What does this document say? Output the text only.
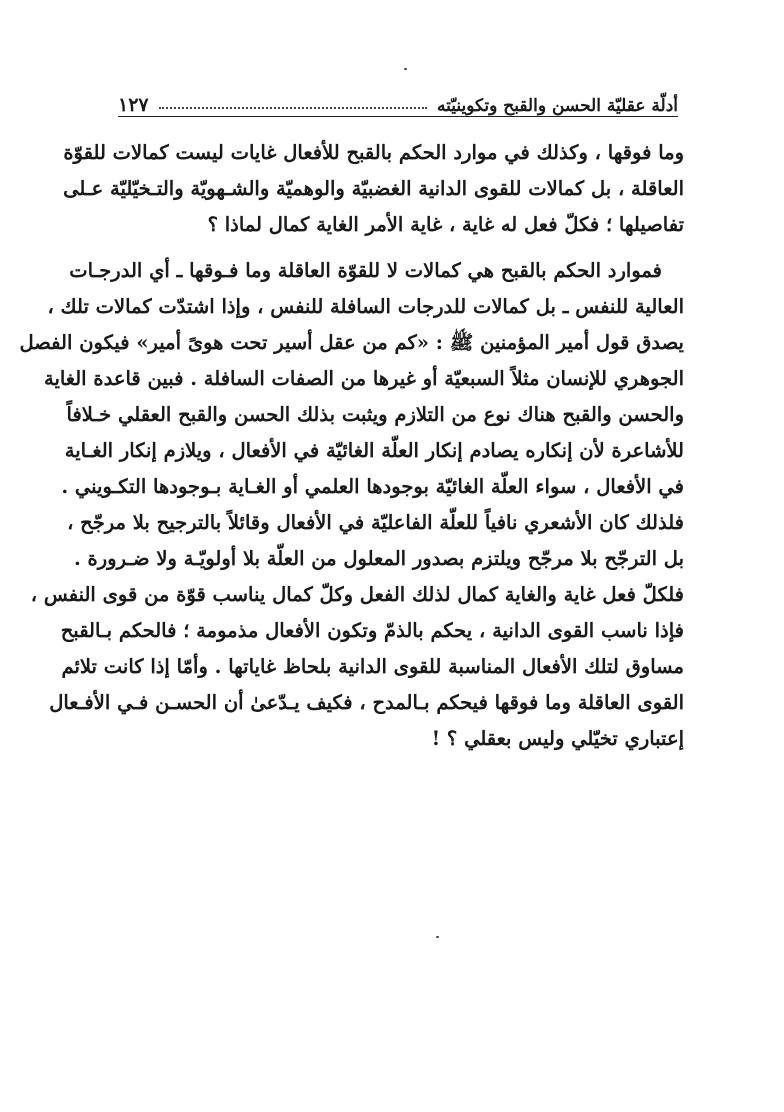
أدلّة عقليّة الحسن والقبح وتكوينيّته
١٢٧
وما فوقها ، وكذلك في موارد الحكم بالقبح للأفعال غايات ليست كمالات للقوّة
العاقلة ، بل كمالات للقوى الدانية الغضبيّة والوهميّة والشـهويّة والتـخيّليّة عـلى
تفاصيلها ؛ فكلّ فعل له غاية ، غاية الأمر الغاية كمال لماذا ؟
فموارد الحكم بالقبح هي كمالات لا للقوّة العاقلة وما فـوقها ـ أي الدرجـات
العالية للنفس ـ بل كمالات للدرجات السافلة للنفس ، وإذا اشتدّت كمالات تلك ،
يصدق قول أمير المؤمنين ﷺ : «كم من عقل أسير تحت هوىً أمير» فيكون الفصل
الجوهري للإنسان مثلاً السبعيّة أو غيرها من الصفات السافلة . فبين قاعدة الغاية
والحسن والقبح هناك نوع من التلازم ويثبت بذلك الحسن والقبح العقلي خـلافاً
للأشاعرة لأن إنكاره يصادم إنكار العلّة الغائيّة في الأفعال ، ويلازم إنكار الغـاية
في الأفعال ، سواء العلّة الغائيّة بوجودها العلمي أو الغـاية بـوجودها التكـويني .
فلذلك كان الأشعري نافياً للعلّة الفاعليّة في الأفعال وقائلاً بالترجيح بلا مرجّح ،
بل الترجّح بلا مرجّح ويلتزم بصدور المعلول من العلّة بلا أولويّـة ولا ضـرورة .
فلكلّ فعل غاية والغاية كمال لذلك الفعل وكلّ كمال يناسب قوّة من قوى النفس ،
فإذا ناسب القوى الدانية ، يحكم بالذمّ وتكون الأفعال مذمومة ؛ فالحكم بـالقبح
مساوق لتلك الأفعال المناسبة للقوى الدانية بلحاظ غاياتها . وأمّا إذا كانت تلائم
القوى العاقلة وما فوقها فيحكم بـالمدح ، فكيف يـدّعىٰ أن الحسـن فـي الأفـعال
إعتباري تخيّلي وليس بعقلي ؟ !
